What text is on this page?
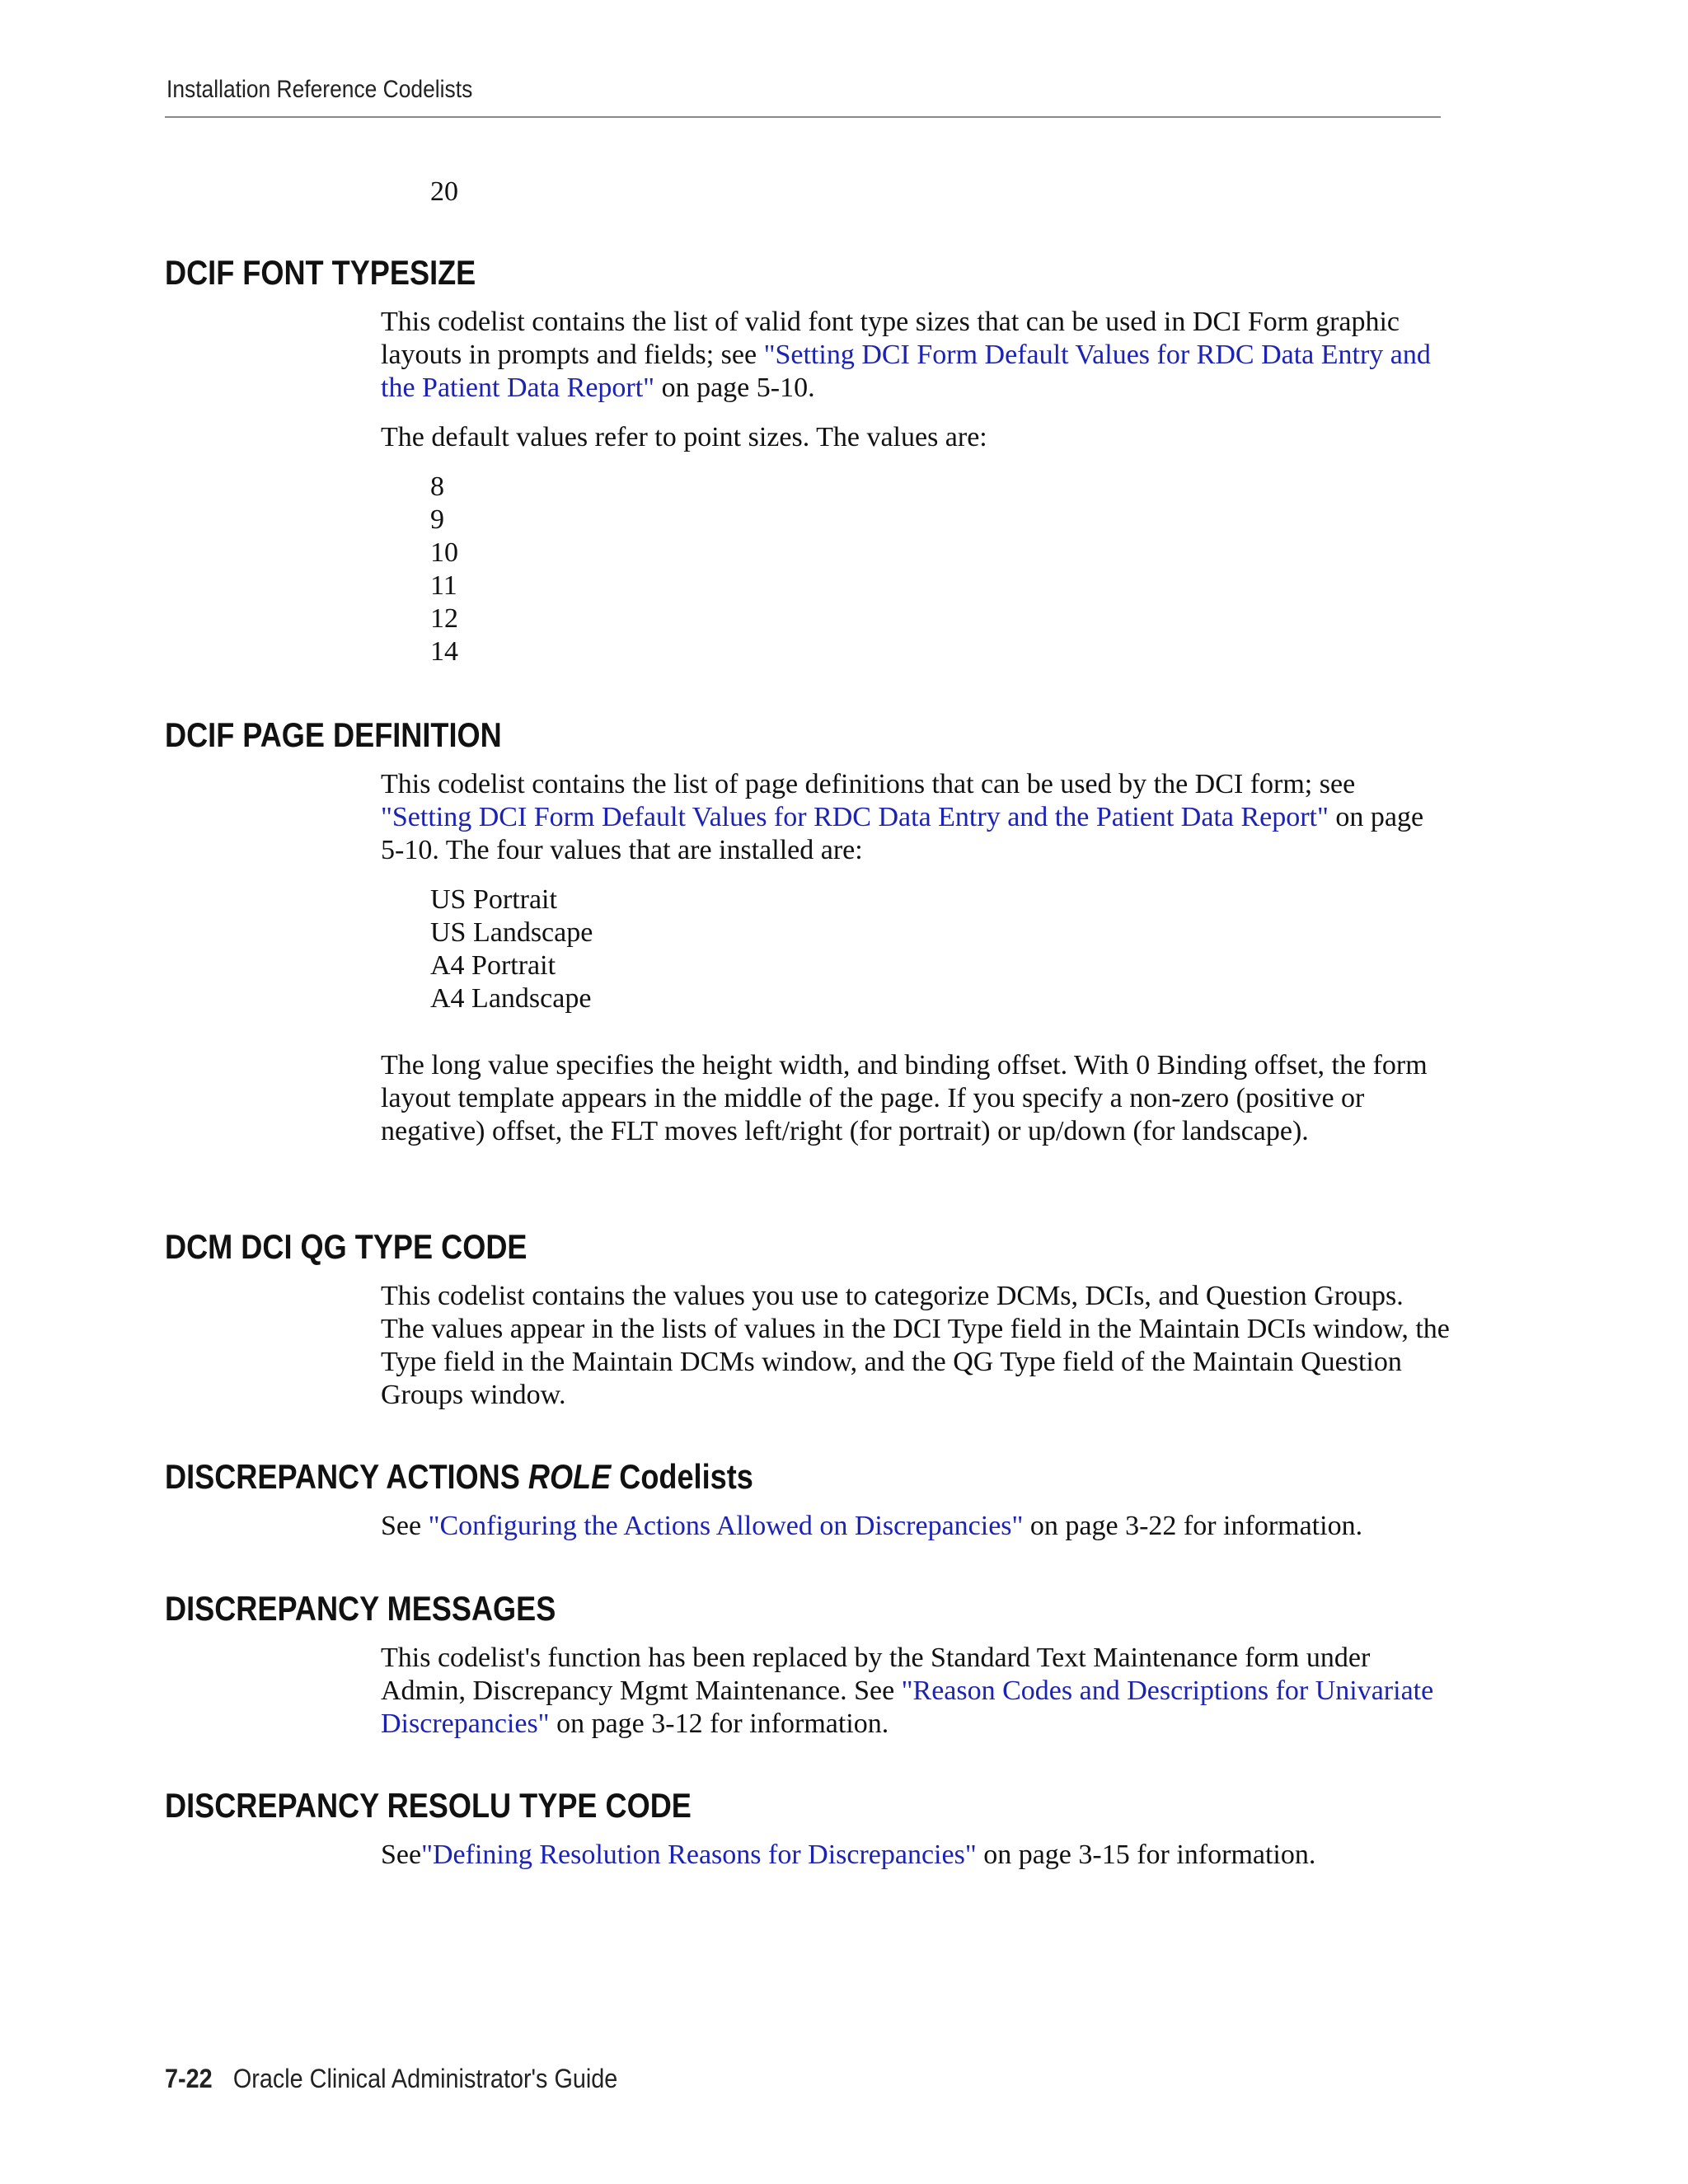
Installation Reference Codelists
20
DCIF FONT TYPESIZE

This codelist contains the list of valid font type sizes that can be used in DCI Form graphic layouts in prompts and fields; see "Setting DCI Form Default Values for RDC Data Entry and the Patient Data Report" on page 5-10.

The default values refer to point sizes. The values are:

8
9
10
11
12
14
DCIF PAGE DEFINITION

This codelist contains the list of page definitions that can be used by the DCI form; see "Setting DCI Form Default Values for RDC Data Entry and the Patient Data Report" on page 5-10. The four values that are installed are:

US Portrait
US Landscape
A4 Portrait
A4 Landscape

The long value specifies the height width, and binding offset. With 0 Binding offset, the form layout template appears in the middle of the page. If you specify a non-zero (positive or negative) offset, the FLT moves left/right (for portrait) or up/down (for landscape).

DCM DCI QG TYPE CODE

This codelist contains the values you use to categorize DCMs, DCIs, and Question Groups. The values appear in the lists of values in the DCI Type field in the Maintain DCIs window, the Type field in the Maintain DCMs window, and the QG Type field of the Maintain Question Groups window.

DISCREPANCY ACTIONS ROLE Codelists

See "Configuring the Actions Allowed on Discrepancies" on page 3-22 for information.

DISCREPANCY MESSAGES

This codelist's function has been replaced by the Standard Text Maintenance form under Admin, Discrepancy Mgmt Maintenance. See "Reason Codes and Descriptions for Univariate Discrepancies" on page 3-12 for information.

DISCREPANCY RESOLU TYPE CODE

See"Defining Resolution Reasons for Discrepancies" on page 3-15 for information.

7-22 Oracle Clinical Administrator's Guide
